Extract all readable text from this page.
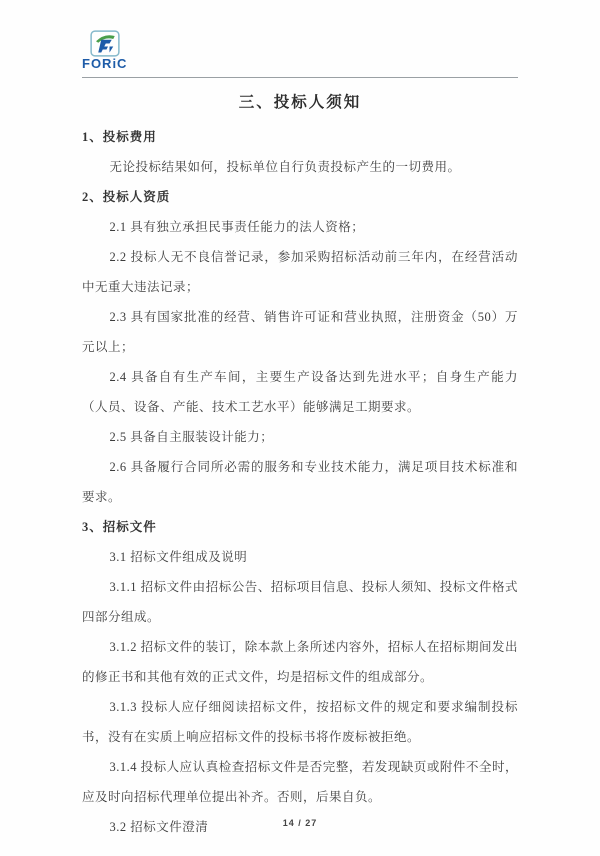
FORiC
三、投标人须知
1、投标费用

无论投标结果如何，投标单位自行负责投标产生的一切费用。

2、投标人资质

2.1 具有独立承担民事责任能力的法人资格；

2.2 投标人无不良信誉记录，参加采购招标活动前三年内，在经营活动中无重大违法记录；

2.3 具有国家批准的经营、销售许可证和营业执照，注册资金（50）万元以上；

2.4 具备自有生产车间，主要生产设备达到先进水平；自身生产能力（人员、设备、产能、技术工艺水平）能够满足工期要求。

2.5 具备自主服装设计能力；

2.6 具备履行合同所必需的服务和专业技术能力，满足项目技术标准和要求。

3、招标文件

3.1 招标文件组成及说明

3.1.1 招标文件由招标公告、招标项目信息、投标人须知、投标文件格式四部分组成。

3.1.2 招标文件的装订，除本款上条所述内容外，招标人在招标期间发出的修正书和其他有效的正式文件，均是招标文件的组成部分。

3.1.3 投标人应仔细阅读招标文件，按招标文件的规定和要求编制投标书，没有在实质上响应招标文件的投标书将作废标被拒绝。

3.1.4 投标人应认真检查招标文件是否完整，若发现缺页或附件不全时，应及时向招标代理单位提出补齐。否则，后果自负。

3.2 招标文件澄清	14 / 27
